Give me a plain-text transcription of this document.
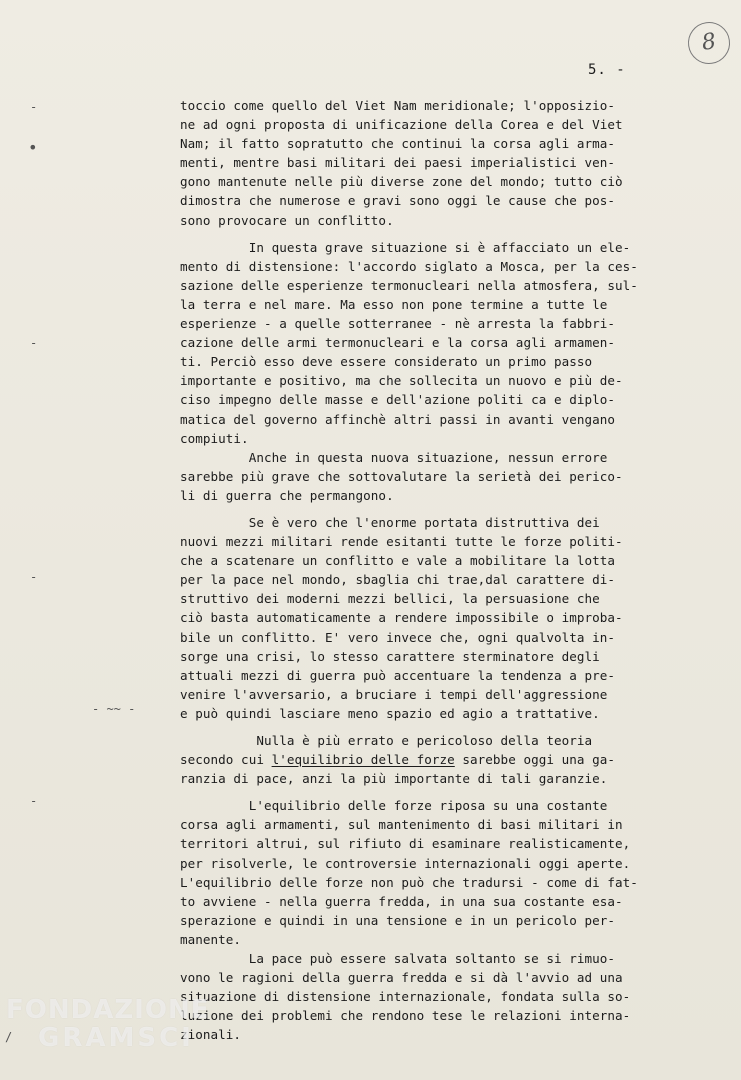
8
5. -
-
•
-
-
- ~~ -
-
/
toccio come quello del Viet Nam meridionale; l'opposizio-
ne ad ogni proposta di unificazione della Corea e del Viet
Nam; il fatto sopratutto che continui la corsa agli arma-
menti, mentre basi militari dei paesi imperialistici ven-
gono mantenute nelle più diverse zone del mondo; tutto ciò
dimostra che numerose e gravi sono oggi le cause che pos-
sono provocare un conflitto.
In questa grave situazione si è affacciato un ele-
mento di distensione: l'accordo siglato a Mosca, per la ces-
sazione delle esperienze termonucleari nella atmosfera, sul-
la terra e nel mare. Ma esso non pone termine a tutte le
esperienze - a quelle sotterranee - nè arresta la fabbri-
cazione delle armi termonucleari e la corsa agli armamen-
ti. Perciò esso deve essere considerato un primo passo
importante e positivo, ma che sollecita un nuovo e più de-
ciso impegno delle masse e dell'azione politi ca e diplo-
matica del governo affinchè altri passi in avanti vengano
compiuti.
Anche in questa nuova situazione, nessun errore
sarebbe più grave che sottovalutare la serietà dei perico-
li di guerra che permangono.
Se è vero che l'enorme portata distruttiva dei
nuovi mezzi militari rende esitanti tutte le forze politi-
che a scatenare un conflitto e vale a mobilitare la lotta
per la pace nel mondo, sbaglia chi trae,dal carattere di-
struttivo dei moderni mezzi bellici, la persuasione che
ciò basta automaticamente a rendere impossibile o improba-
bile un conflitto. E' vero invece che, ogni qualvolta in-
sorge una crisi, lo stesso carattere sterminatore degli
attuali mezzi di guerra può accentuare la tendenza a pre-
venire l'avversario, a bruciare i tempi dell'aggressione
e può quindi lasciare meno spazio ed agio a trattative.
Nulla è più errato e pericoloso della teoria
secondo cui l'equilibrio delle forze sarebbe oggi una ga-
ranzia di pace, anzi la più importante di tali garanzie.
L'equilibrio delle forze riposa su una costante
corsa agli armamenti, sul mantenimento di basi militari in
territori altrui, sul rifiuto di esaminare realisticamente,
per risolverle, le controversie internazionali oggi aperte.
L'equilibrio delle forze non può che tradursi - come di fat-
to avviene - nella guerra fredda, in una sua costante esa-
sperazione e quindi in una tensione e in un pericolo per-
manente.
La pace può essere salvata soltanto se si rimuo-
vono le ragioni della guerra fredda e si dà l'avvio ad una
situazione di distensione internazionale, fondata sulla so-
luzione dei problemi che rendono tese le relazioni interna-
zionali.
FONDAZIONE
GRAMSCI
